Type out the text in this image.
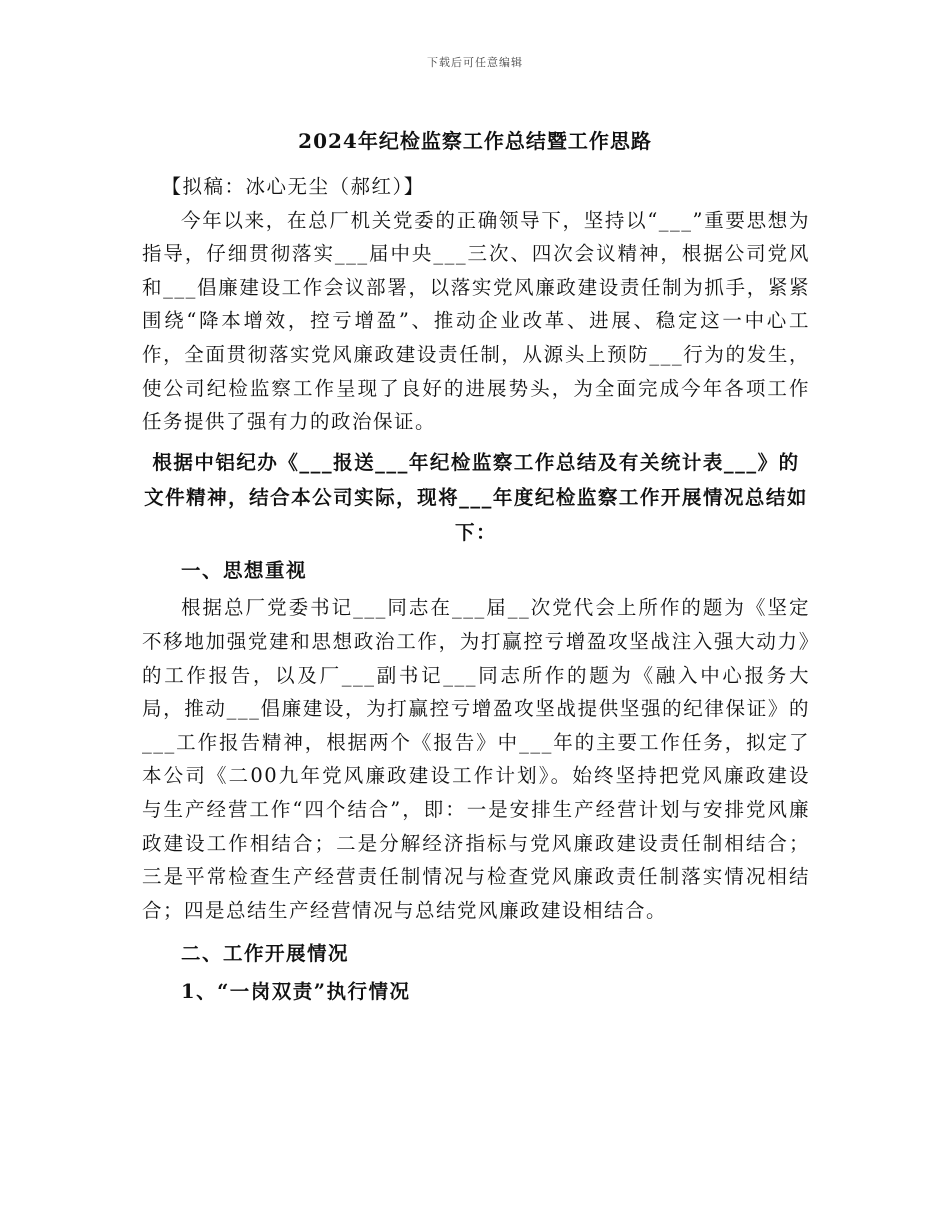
下载后可任意编辑
2024年纪检监察工作总结暨工作思路

【拟稿：冰心无尘（郝红）】

今年以来，在总厂机关党委的正确领导下，坚持以“___”重要思想为指导，仔细贯彻落实___届中央___三次、四次会议精神，根据公司党风和___倡廉建设工作会议部署，以落实党风廉政建设责任制为抓手，紧紧围绕“降本增效，控亏增盈”、推动企业改革、进展、稳定这一中心工作，全面贯彻落实党风廉政建设责任制，从源头上预防___行为的发生，使公司纪检监察工作呈现了良好的进展势头，为全面完成今年各项工作任务提供了强有力的政治保证。

根据中铝纪办《___报送___年纪检监察工作总结及有关统计表___》的文件精神，结合本公司实际，现将___年度纪检监察工作开展情况总结如下：

一、思想重视

根据总厂党委书记___同志在___届__次党代会上所作的题为《坚定不移地加强党建和思想政治工作，为打赢控亏增盈攻坚战注入强大动力》的工作报告，以及厂___副书记___同志所作的题为《融入中心报务大局，推动___倡廉建设，为打赢控亏增盈攻坚战提供坚强的纪律保证》的___工作报告精神，根据两个《报告》中___年的主要工作任务，拟定了本公司《二00九年党风廉政建设工作计划》。始终坚持把党风廉政建设与生产经营工作“四个结合”，即：一是安排生产经营计划与安排党风廉政建设工作相结合；二是分解经济指标与党风廉政建设责任制相结合；三是平常检查生产经营责任制情况与检查党风廉政责任制落实情况相结合；四是总结生产经营情况与总结党风廉政建设相结合。

二、工作开展情况
1、“一岗双责”执行情况
